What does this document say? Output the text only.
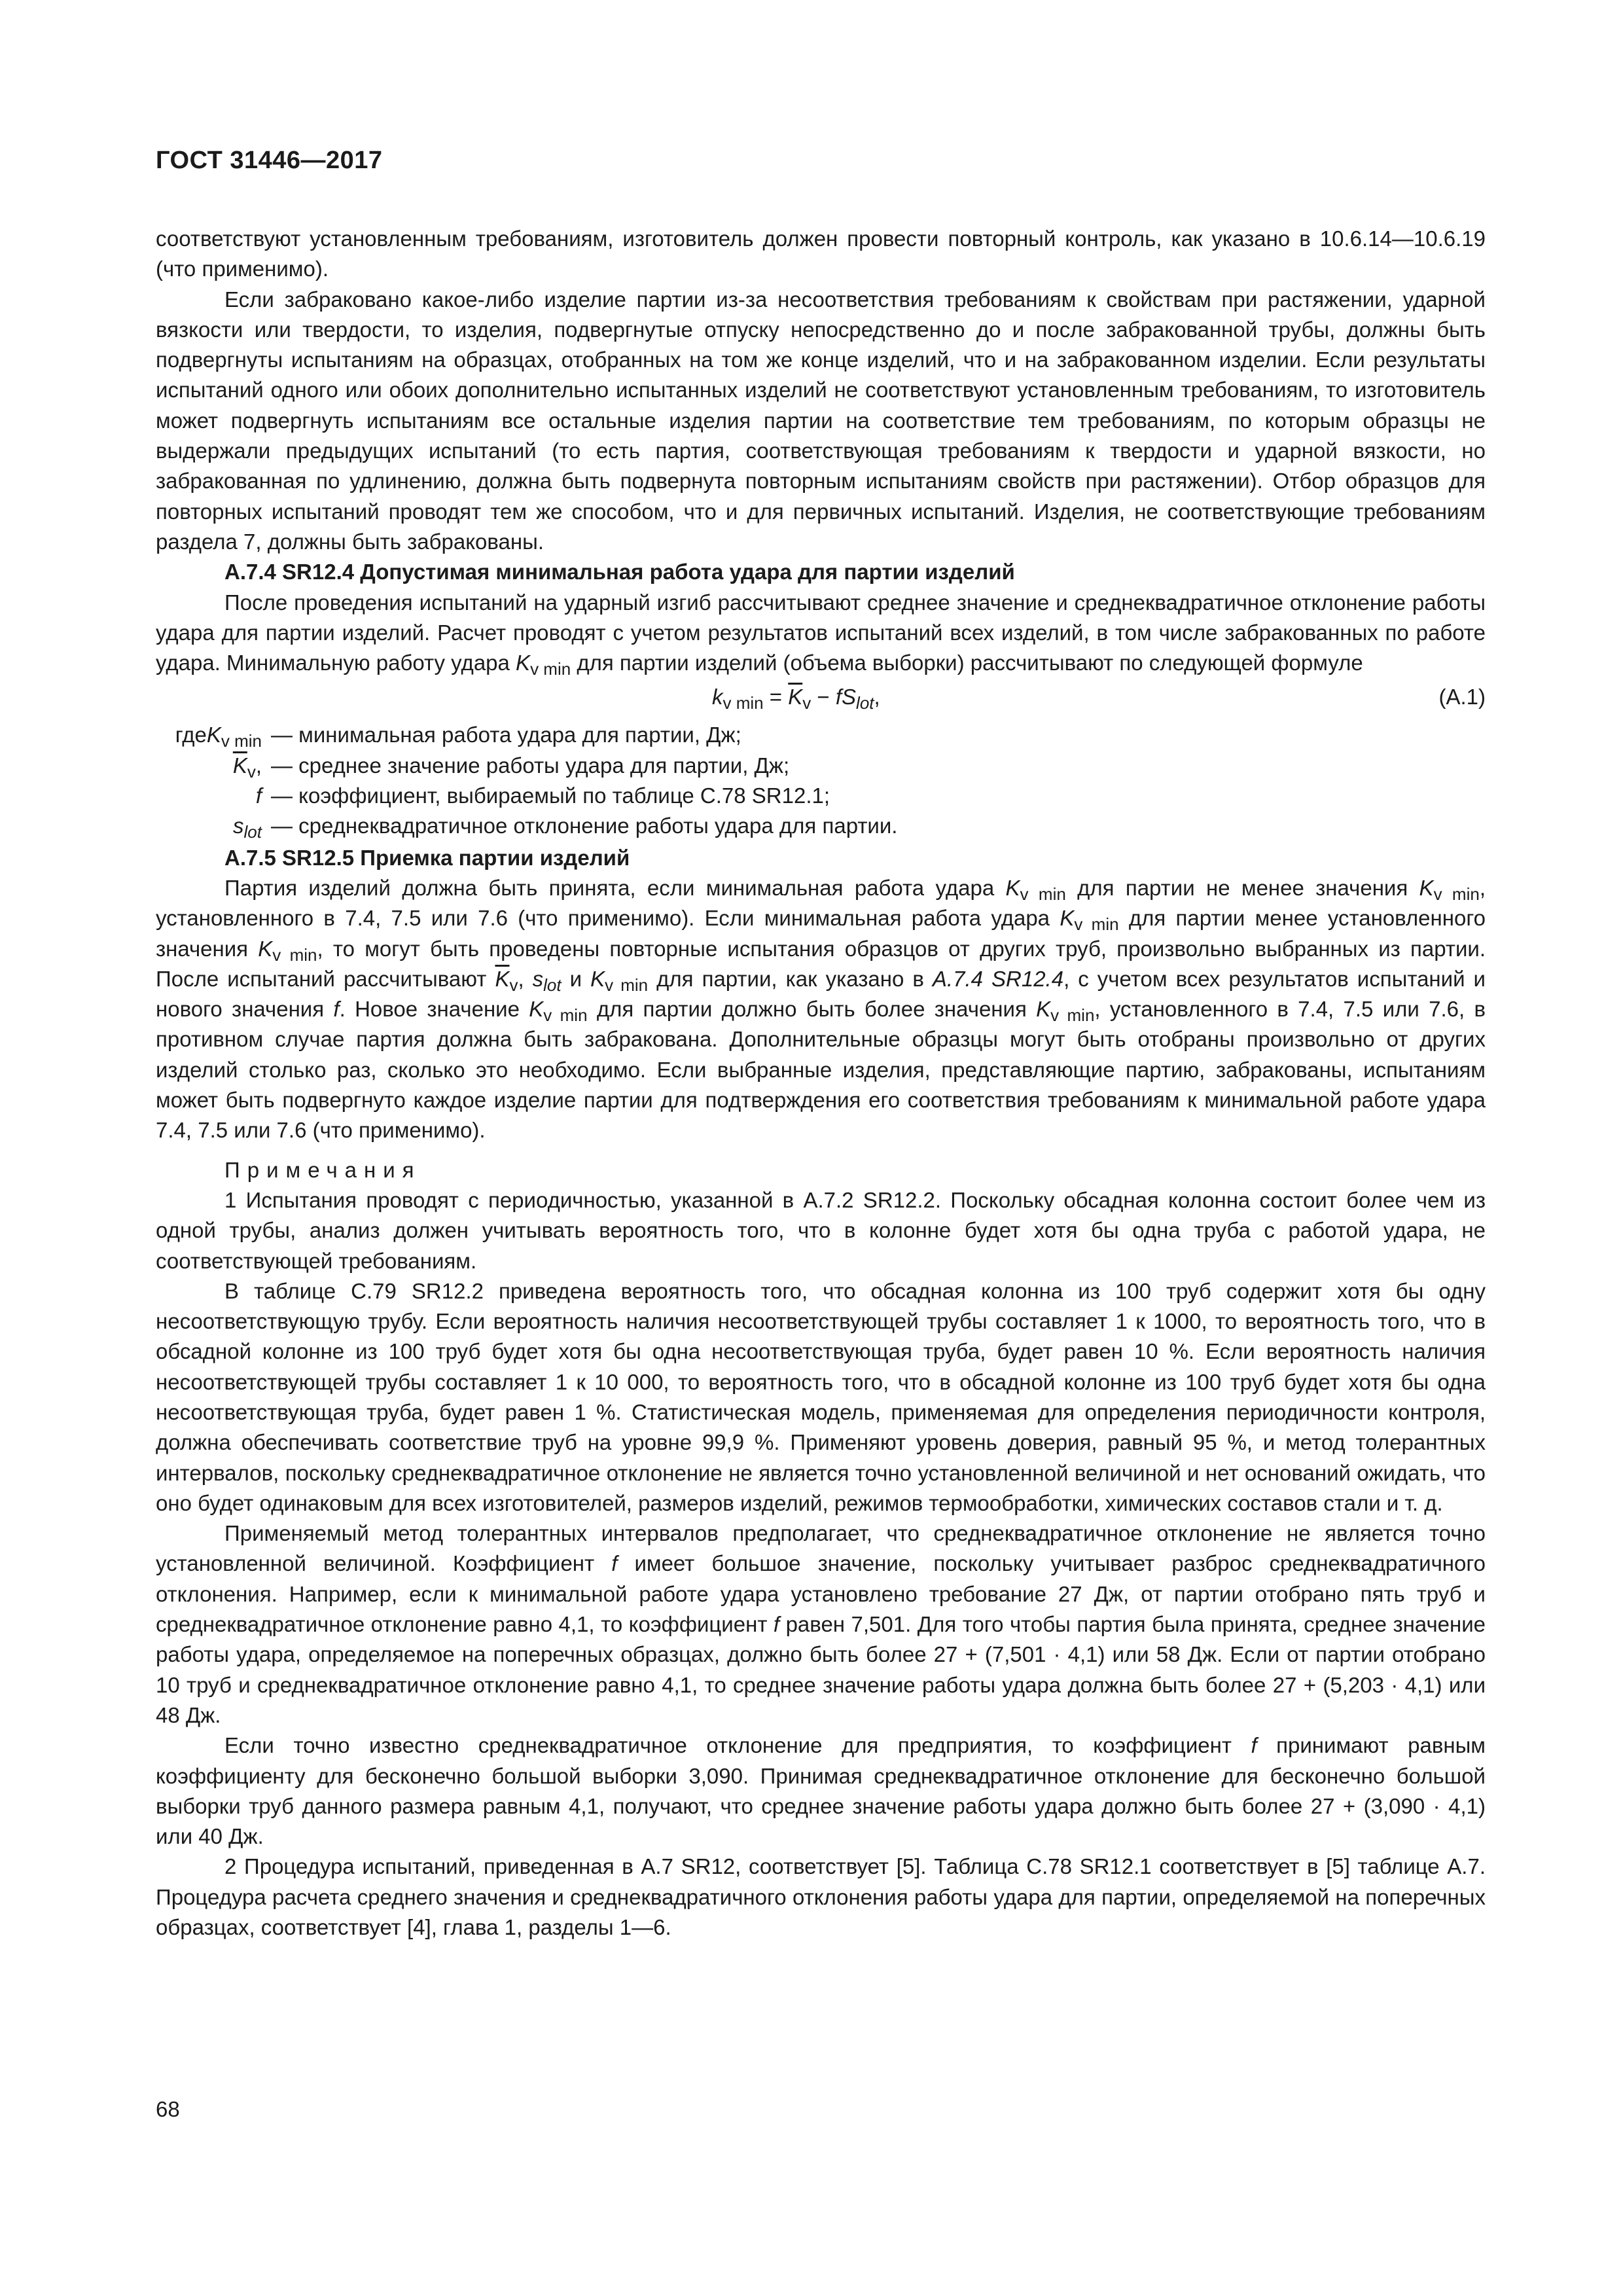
ГОСТ 31446—2017

соответствуют установленным требованиям, изготовитель должен провести повторный контроль, как указано в 10.6.14—10.6.19 (что применимо).

Если забраковано какое-либо изделие партии из-за несоответствия требованиям к свойствам при растяжении, ударной вязкости или твердости, то изделия, подвергнутые отпуску непосредственно до и после забракованной трубы, должны быть подвергнуты испытаниям на образцах, отобранных на том же конце изделий, что и на забракованном изделии. Если результаты испытаний одного или обоих дополнительно испытанных изделий не соответствуют установленным требованиям, то изготовитель может подвергнуть испытаниям все остальные изделия партии на соответствие тем требованиям, по которым образцы не выдержали предыдущих испытаний (то есть партия, соответствующая требованиям к твердости и ударной вязкости, но забракованная по удлинению, должна быть подвернута повторным испытаниям свойств при растяжении). Отбор образцов для повторных испытаний проводят тем же способом, что и для первичных испытаний. Изделия, не соответствующие требованиям раздела 7, должны быть забракованы.

А.7.4 SR12.4 Допустимая минимальная работа удара для партии изделий

После проведения испытаний на ударный изгиб рассчитывают среднее значение и среднеквадратичное отклонение работы удара для партии изделий. Расчет проводят с учетом результатов испытаний всех изделий, в том числе забракованных по работе удара. Минимальную работу удара $K_{v min}$ для партии изделий (объема выборки) рассчитывают по следующей формуле

$k_{v min} = \overline{K}_v - fS_{lot}$,	(А.1)
гдеK$_{v min}$ — минимальная работа удара для партии, Дж;
$\overline{K}_v$, — среднее значение работы удара для партии, Дж;
f — коэффициент, выбираемый по таблице С.78 SR12.1;
$s_{lot}$ — среднеквадратичное отклонение работы удара для партии.

А.7.5 SR12.5 Приемка партии изделий

Партия изделий должна быть принята, если минимальная работа удара $K_{v min}$ для партии не менее значения $K_{v min}$, установленного в 7.4, 7.5 или 7.6 (что применимо). Если минимальная работа удара $K_{v min}$ для партии менее установленного значения $K_{v min}$, то могут быть проведены повторные испытания образцов от других труб, произвольно выбранных из партии. После испытаний рассчитывают $\overline{K}_v$, $s_{lot}$ и $K_{v min}$ для партии, как указано в А.7.4 SR12.4, с учетом всех результатов испытаний и нового значения f. Новое значение $K_{v min}$ для партии должно быть более значения $K_{v min}$, установленного в 7.4, 7.5 или 7.6, в противном случае партия должна быть забракована. Дополнительные образцы могут быть отобраны произвольно от других изделий столько раз, сколько это необходимо. Если выбранные изделия, представляющие партию, забракованы, испытаниям может быть подвергнуто каждое изделие партии для подтверждения его соответствия требованиям к минимальной работе удара 7.4, 7.5 или 7.6 (что применимо).

Примечания

1 Испытания проводят с периодичностью, указанной в А.7.2 SR12.2. Поскольку обсадная колонна состоит более чем из одной трубы, анализ должен учитывать вероятность того, что в колонне будет хотя бы одна труба с работой удара, не соответствующей требованиям.

В таблице С.79 SR12.2 приведена вероятность того, что обсадная колонна из 100 труб содержит хотя бы одну несоответствующую трубу. Если вероятность наличия несоответствующей трубы составляет 1 к 1000, то вероятность того, что в обсадной колонне из 100 труб будет хотя бы одна несоответствующая труба, будет равен 10 %. Если вероятность наличия несоответствующей трубы составляет 1 к 10 000, то вероятность того, что в обсадной колонне из 100 труб будет хотя бы одна несоответствующая труба, будет равен 1 %. Статистическая модель, применяемая для определения периодичности контроля, должна обеспечивать соответствие труб на уровне 99,9 %. Применяют уровень доверия, равный 95 %, и метод толерантных интервалов, поскольку среднеквадратичное отклонение не является точно установленной величиной и нет оснований ожидать, что оно будет одинаковым для всех изготовителей, размеров изделий, режимов термообработки, химических составов стали и т. д.

Применяемый метод толерантных интервалов предполагает, что среднеквадратичное отклонение не является точно установленной величиной. Коэффициент f имеет большое значение, поскольку учитывает разброс среднеквадратичного отклонения. Например, если к минимальной работе удара установлено требование 27 Дж, от партии отобрано пять труб и среднеквадратичное отклонение равно 4,1, то коэффициент f равен 7,501. Для того чтобы партия была принята, среднее значение работы удара, определяемое на поперечных образцах, должно быть более 27 + (7,501 · 4,1) или 58 Дж. Если от партии отобрано 10 труб и среднеквадратичное отклонение равно 4,1, то среднее значение работы удара должна быть более 27 + (5,203 · 4,1) или 48 Дж.

Если точно известно среднеквадратичное отклонение для предприятия, то коэффициент f принимают равным коэффициенту для бесконечно большой выборки 3,090. Принимая среднеквадратичное отклонение для бесконечно большой выборки труб данного размера равным 4,1, получают, что среднее значение работы удара должно быть более 27 + (3,090 · 4,1) или 40 Дж.

2 Процедура испытаний, приведенная в А.7 SR12, соответствует [5]. Таблица С.78 SR12.1 соответствует в [5] таблице А.7. Процедура расчета среднего значения и среднеквадратичного отклонения работы удара для партии, определяемой на поперечных образцах, соответствует [4], глава 1, разделы 1—6.

68
